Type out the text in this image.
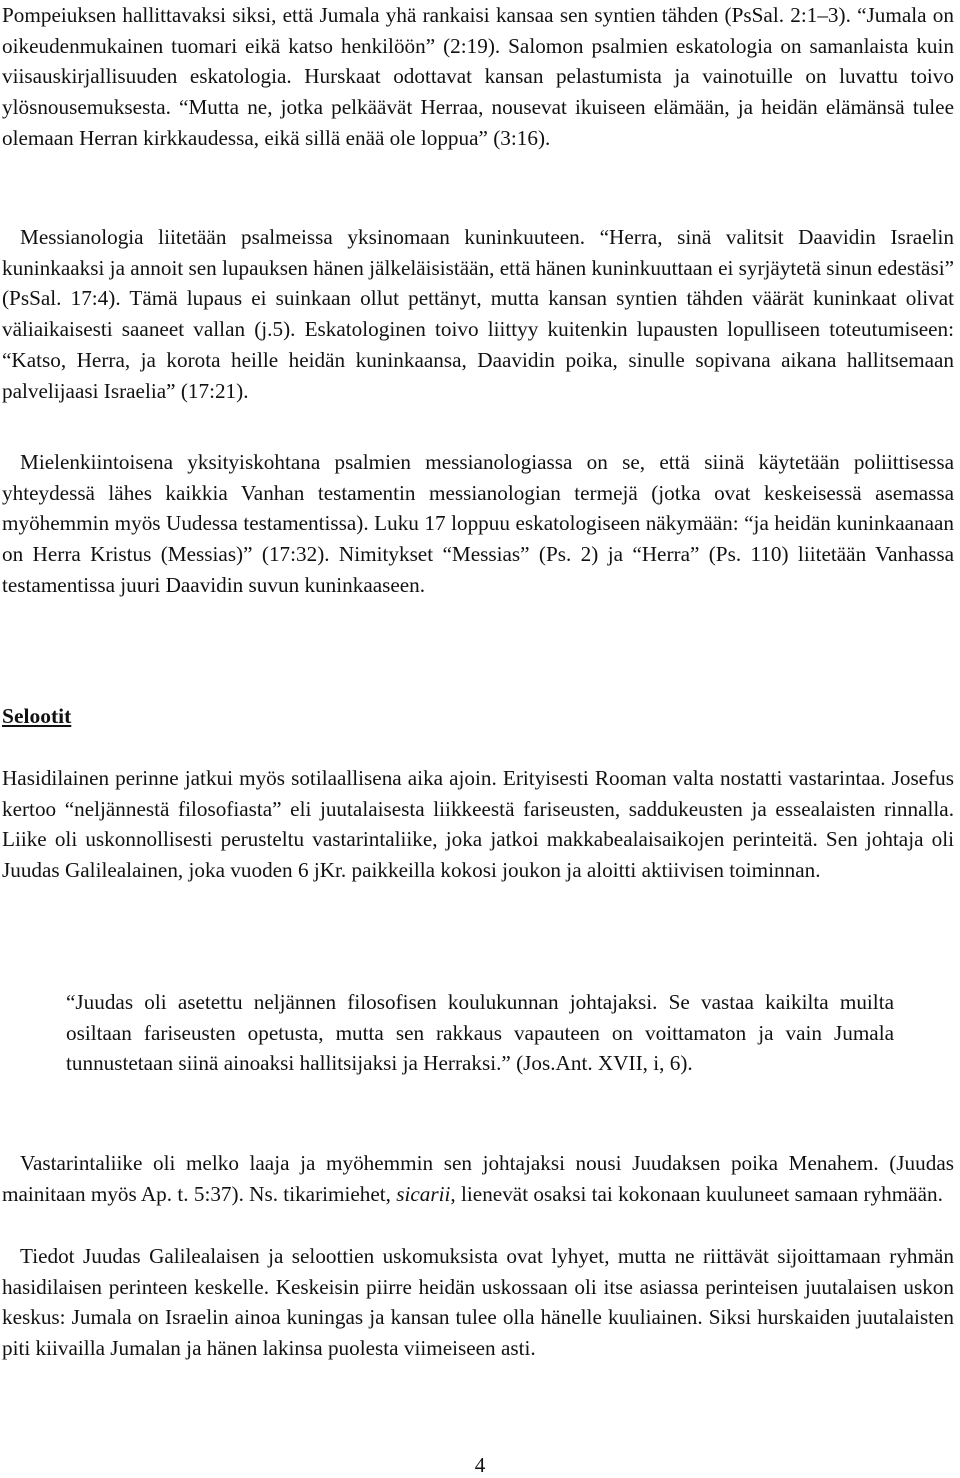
Pompeiuksen hallittavaksi siksi, että Jumala yhä rankaisi kansaa sen syntien tähden (PsSal. 2:1–3). “Jumala on oikeudenmukainen tuomari eikä katso henkilöön” (2:19). Salomon psalmien eskatologia on samanlaista kuin viisauskirjallisuuden eskatologia. Hurskaat odottavat kansan pelastumista ja vainotuille on luvattu toivo ylösnousemuksesta. “Mutta ne, jotka pelkäävät Herraa, nousevat ikuiseen elämään, ja heidän elämänsä tulee olemaan Herran kirkkaudessa, eikä sillä enää ole loppua” (3:16).

Messianologia liitetään psalmeissa yksinomaan kuninkuuteen. “Herra, sinä valitsit Daavidin Israelin kuninkaaksi ja annoit sen lupauksen hänen jälkeläisistään, että hänen kuninkuuttaan ei syrjäytetä sinun edestäsi” (PsSal. 17:4). Tämä lupaus ei suinkaan ollut pettänyt, mutta kansan syntien tähden väärät kuninkaat olivat väliaikaisesti saaneet vallan (j.5). Eskatologinen toivo liittyy kuitenkin lupausten lopulliseen toteutumiseen: “Katso, Herra, ja korota heille heidän kuninkaansa, Daavidin poika, sinulle sopivana aikana hallitsemaan palvelijaasi Israelia” (17:21).

Mielenkiintoisena yksityiskohtana psalmien messianologiassa on se, että siinä käytetään poliittisessa yhteydessä lähes kaikkia Vanhan testamentin messianologian termejä (jotka ovat keskeisessä asemassa myöhemmin myös Uudessa testamentissa). Luku 17 loppuu eskatologiseen näkymään: “ja heidän kuninkaanaan on Herra Kristus (Messias)” (17:32). Nimitykset “Messias” (Ps. 2) ja “Herra” (Ps. 110) liitetään Vanhassa testamentissa juuri Daavidin suvun kuninkaaseen.

Selootit

Hasidilainen perinne jatkui myös sotilaallisena aika ajoin. Erityisesti Rooman valta nostatti vastarintaa. Josefus kertoo “neljännestä filosofiasta” eli juutalaisesta liikkeestä fariseusten, saddukeusten ja essealaisten rinnalla. Liike oli uskonnollisesti perusteltu vastarintaliike, joka jatkoi makkabealaisaikojen perinteitä. Sen johtaja oli Juudas Galilealainen, joka vuoden 6 jKr. paikkeilla kokosi joukon ja aloitti aktiivisen toiminnan.

“Juudas oli asetettu neljännen filosofisen koulukunnan johtajaksi. Se vastaa kaikilta muilta osiltaan fariseusten opetusta, mutta sen rakkaus vapauteen on voittamaton ja vain Jumala tunnustetaan siinä ainoaksi hallitsijaksi ja Herraksi.” (Jos.Ant. XVII, i, 6).

Vastarintaliike oli melko laaja ja myöhemmin sen johtajaksi nousi Juudaksen poika Menahem. (Juudas mainitaan myös Ap. t. 5:37). Ns. tikarimiehet, sicarii, lienevät osaksi tai kokonaan kuuluneet samaan ryhmään.

Tiedot Juudas Galilealaisen ja seloottien uskomuksista ovat lyhyet, mutta ne riittävät sijoittamaan ryhmän hasidilaisen perinteen keskelle. Keskeisin piirre heidän uskossaan oli itse asiassa perinteisen juutalaisen uskon keskus: Jumala on Israelin ainoa kuningas ja kansan tulee olla hänelle kuuliainen. Siksi hurskaiden juutalaisten piti kiivailla Jumalan ja hänen lakinsa puolesta viimeiseen asti.

4
